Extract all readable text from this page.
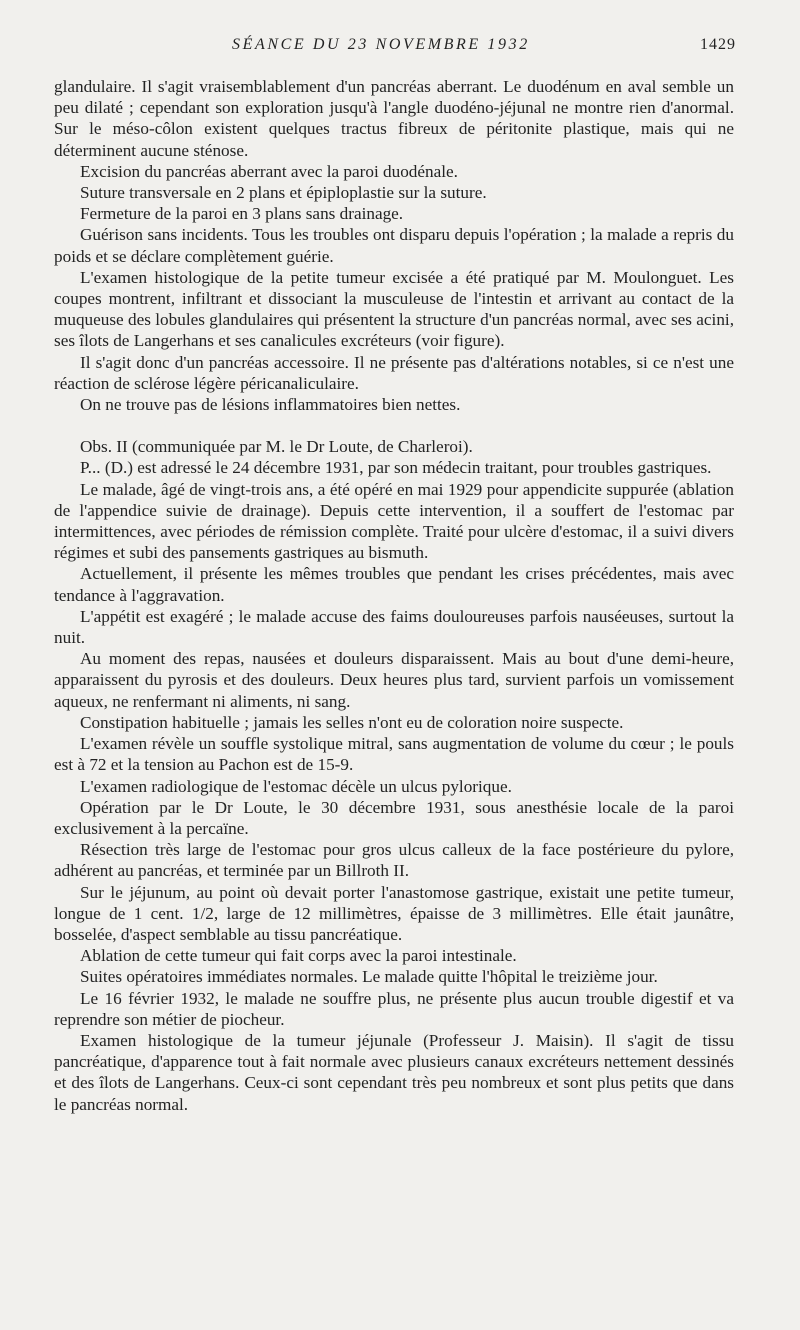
SÉANCE DU 23 NOVEMBRE 1932	1429

glandulaire. Il s'agit vraisemblablement d'un pancréas aberrant. Le duodénum en aval semble un peu dilaté ; cependant son exploration jusqu'à l'angle duodéno-jéjunal ne montre rien d'anormal. Sur le méso-côlon existent quelques tractus fibreux de péritonite plastique, mais qui ne déterminent aucune sténose.

Excision du pancréas aberrant avec la paroi duodénale.

Suture transversale en 2 plans et épiploplastie sur la suture.

Fermeture de la paroi en 3 plans sans drainage.

Guérison sans incidents. Tous les troubles ont disparu depuis l'opération ; la malade a repris du poids et se déclare complètement guérie.

L'examen histologique de la petite tumeur excisée a été pratiqué par M. Moulonguet. Les coupes montrent, infiltrant et dissociant la musculeuse de l'intestin et arrivant au contact de la muqueuse des lobules glandulaires qui présentent la structure d'un pancréas normal, avec ses acini, ses îlots de Langerhans et ses canalicules excréteurs (voir figure).

Il s'agit donc d'un pancréas accessoire. Il ne présente pas d'altérations notables, si ce n'est une réaction de sclérose légère péricanaliculaire.

On ne trouve pas de lésions inflammatoires bien nettes.

Obs. II (communiquée par M. le Dr Loute, de Charleroi).

P... (D.) est adressé le 24 décembre 1931, par son médecin traitant, pour troubles gastriques.

Le malade, âgé de vingt-trois ans, a été opéré en mai 1929 pour appendicite suppurée (ablation de l'appendice suivie de drainage). Depuis cette intervention, il a souffert de l'estomac par intermittences, avec périodes de rémission complète. Traité pour ulcère d'estomac, il a suivi divers régimes et subi des pansements gastriques au bismuth.

Actuellement, il présente les mêmes troubles que pendant les crises précédentes, mais avec tendance à l'aggravation.

L'appétit est exagéré ; le malade accuse des faims douloureuses parfois nauséeuses, surtout la nuit.

Au moment des repas, nausées et douleurs disparaissent. Mais au bout d'une demi-heure, apparaissent du pyrosis et des douleurs. Deux heures plus tard, survient parfois un vomissement aqueux, ne renfermant ni aliments, ni sang.

Constipation habituelle ; jamais les selles n'ont eu de coloration noire suspecte.

L'examen révèle un souffle systolique mitral, sans augmentation de volume du cœur ; le pouls est à 72 et la tension au Pachon est de 15-9.

L'examen radiologique de l'estomac décèle un ulcus pylorique.

Opération par le Dr Loute, le 30 décembre 1931, sous anesthésie locale de la paroi exclusivement à la percaïne.

Résection très large de l'estomac pour gros ulcus calleux de la face postérieure du pylore, adhérent au pancréas, et terminée par un Billroth II.

Sur le jéjunum, au point où devait porter l'anastomose gastrique, existait une petite tumeur, longue de 1 cent. 1/2, large de 12 millimètres, épaisse de 3 millimètres. Elle était jaunâtre, bosselée, d'aspect semblable au tissu pancréatique.

Ablation de cette tumeur qui fait corps avec la paroi intestinale.

Suites opératoires immédiates normales. Le malade quitte l'hôpital le treizième jour.

Le 16 février 1932, le malade ne souffre plus, ne présente plus aucun trouble digestif et va reprendre son métier de piocheur.

Examen histologique de la tumeur jéjunale (Professeur J. Maisin). Il s'agit de tissu pancréatique, d'apparence tout à fait normale avec plusieurs canaux excréteurs nettement dessinés et des îlots de Langerhans. Ceux-ci sont cependant très peu nombreux et sont plus petits que dans le pancréas normal.
